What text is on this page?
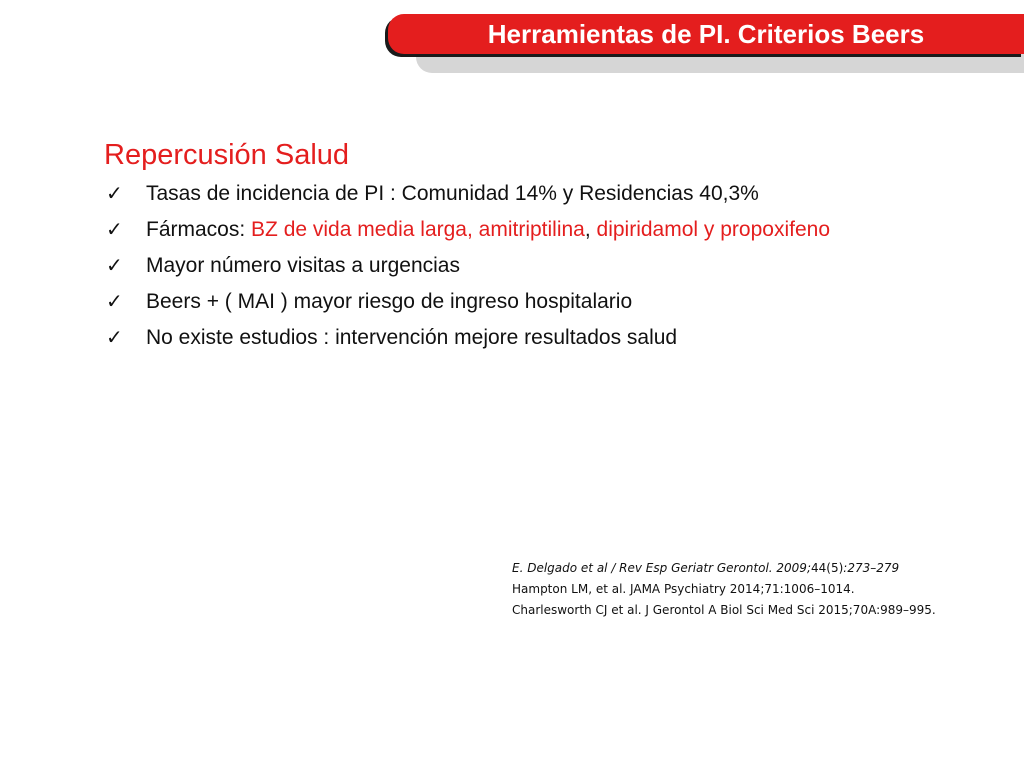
Herramientas de PI. Criterios Beers
Repercusión Salud
✓ Tasas de incidencia de PI : Comunidad 14% y Residencias 40,3%
✓ Fármacos: BZ de vida media larga, amitriptilina, dipiridamol y propoxifeno
✓ Mayor número visitas a urgencias
✓ Beers + ( MAI ) mayor riesgo de ingreso hospitalario
✓ No existe estudios : intervención mejore resultados salud
E. Delgado et al / Rev Esp Geriatr Gerontol. 2009;44(5):273–279
Hampton LM, et al. JAMA Psychiatry 2014;71:1006–1014.
Charlesworth CJ et al. J Gerontol A Biol Sci Med Sci 2015;70A:989–995.
